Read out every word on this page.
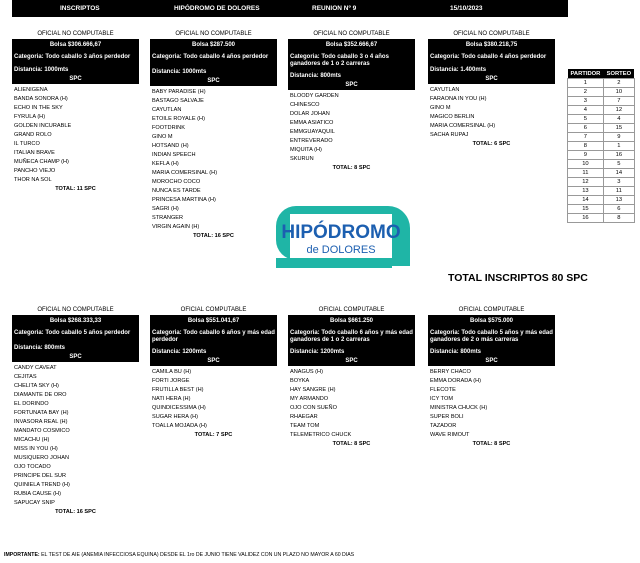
INSCRIPTOS	HIPÓDROMO DE DOLORES	REUNION Nº 9	15/10/2023
OFICIAL NO COMPUTABLE
Bolsa $306.666,67
Categoria: Todo caballo 3 años perdedor
Distancia: 1000mts
SPC
ALIENIGENA
BANDA SONORA (H)
ECHO IN THE SKY
FYRULA (H)
GOLDEN INCURABLE
GRAND ROLO
IL TURCO
ITALIAN BRAVE
MUÑECA CHAMP (H)
PANCHO VIEJO
THOR NA SOL
TOTAL: 11 SPC
OFICIAL NO COMPUTABLE
Bolsa $287.500
Categoria: Todo caballo 4 años perdedor
Distancia: 1000mts
SPC
BABY PARADISE (H)
BASTAGO SALVAJE
CAYUTLAN
ETOILE ROYALE (H)
FOOTDRINK
GINO M
HOTSAND (H)
INDIAN SPEECH
KEFLA (H)
MARIA COMERSINAL (H)
MOROCHO COCO
NUNCA ES TARDE
PRINCESA MARTINA (H)
SAGRI (H)
STRANGER
VIRGIN AGAIN (H)
TOTAL: 16 SPC
OFICIAL NO COMPUTABLE
Bolsa $352.666,67
Categoria: Todo caballo 3 o 4 años ganadores de 1 o 2 carreras
Distancia: 800mts
SPC
BLOODY GARDEN
CHINESCO
DOLAR JOHAN
EMMA ASIATICO
EMMGUAYAQUIL
ENTREVERADO
MIQUITA (H)
SKURUN
TOTAL: 8 SPC
OFICIAL NO COMPUTABLE
Bolsa $380.218,75
Categoria: Todo caballo 4 años perdedor
Distancia: 1.400mts
SPC
CAYUTLAN
FARAONA IN YOU (H)
GINO M
MAGICO BERLIN
MARIA COMERSINAL (H)
SACHA RUPAJ
TOTAL: 6 SPC
OFICIAL NO COMPUTABLE
Bolsa $268.333,33
Categoria: Todo caballo 5 años perdedor
Distancia: 800mts
SPC
CANDY CAVEAT
CEJITAS
CHELITA SKY (H)
DIAMANTE DE ORO
EL DORINDO
FORTUNATA BAY (H)
INVASORA REAL (H)
MANDATO COSMICO
MICACHU (H)
MISS IN YOU (H)
MUSIQUERO JOHAN
OJO TOCADO
PRINCIPE DEL SUR
QUINIELA TREND (H)
RUBIA CAUSE (H)
SAPUCAY SNIP
TOTAL: 16 SPC
OFICIAL COMPUTABLE
Bolsa $551.041,67
Categoria: Todo caballo 6 años y más edad perdedor
Distancia: 1200mts
SPC
CAMILA BU (H)
FORTI JORGE
FRUTILLA BEST (H)
NATI HERA (H)
QUINDICESSIMA (H)
SUGAR HERA (H)
TOALLA MOJADA (H)
TOTAL: 7 SPC
OFICIAL COMPUTABLE
Bolsa $661.250
Categoria: Todo caballo 6 años y más edad ganadores de 1 o 2 carreras
Distancia: 1200mts
SPC
ANAGUS (H)
BOYKA
HAY SANGRE (H)
MY ARMANDO
OJO CON SUEÑO
RHAEGAR
TEAM TOM
TELEMETRICO CHUCK
TOTAL: 8 SPC
OFICIAL COMPUTABLE
Bolsa $575.000
Categoria: Todo caballo 5 años y más edad ganadores de 2 o más carreras
Distancia: 800mts
SPC
BERRY CHACO
EMMA DORADA (H)
FLECOTE
ICY TOM
MINISTRA CHUCK (H)
SUPER BOLI
TAZADOR
WAVE RIMOUT
TOTAL: 8 SPC
PARTIDOR	SORTEO
1	2
2	10
3	7
4	12
5	4
6	15
7	9
8	1
9	16
10	5
11	14
12	3
13	11
14	13
15	6
16	8
HIPÓDROMO
de DOLORES
TOTAL INSCRIPTOS 80 SPC
IMPORTANTE: EL TEST DE AIE (ANEMIA INFECCIOSA EQUINA) DESDE EL 1ro DE JUNIO TIENE VALIDEZ CON UN PLAZO NO MAYOR A 60 DIAS
